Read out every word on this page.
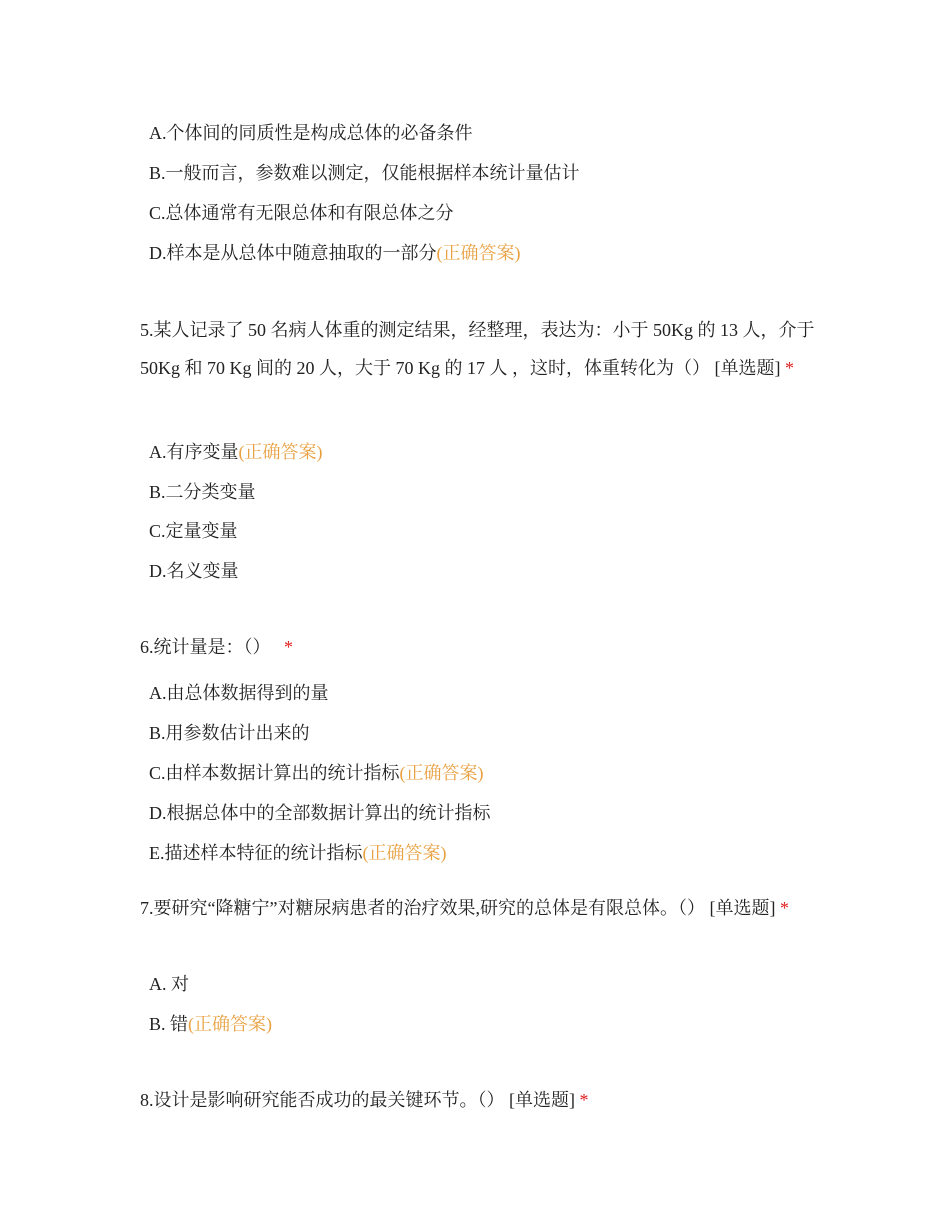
A.个体间的同质性是构成总体的必备条件
B.一般而言，参数难以测定，仅能根据样本统计量估计
C.总体通常有无限总体和有限总体之分
D.样本是从总体中随意抽取的一部分(正确答案)
5.某人记录了 50 名病人体重的测定结果，经整理，表达为：小于 50Kg 的 13 人，介于 50Kg 和 70 Kg 间的 20 人，大于 70 Kg 的 17 人 ，这时，体重转化为（） [单选题] *
A.有序变量(正确答案)
B.二分类变量
C.定量变量
D.名义变量
6.统计量是：（） *
A.由总体数据得到的量
B.用参数估计出来的
C.由样本数据计算出的统计指标(正确答案)
D.根据总体中的全部数据计算出的统计指标
E.描述样本特征的统计指标(正确答案)
7.要研究“降糖宁”对糖尿病患者的治疗效果,研究的总体是有限总体。（） [单选题] *
A. 对
B. 错(正确答案)
8.设计是影响研究能否成功的最关键环节。（） [单选题] *
